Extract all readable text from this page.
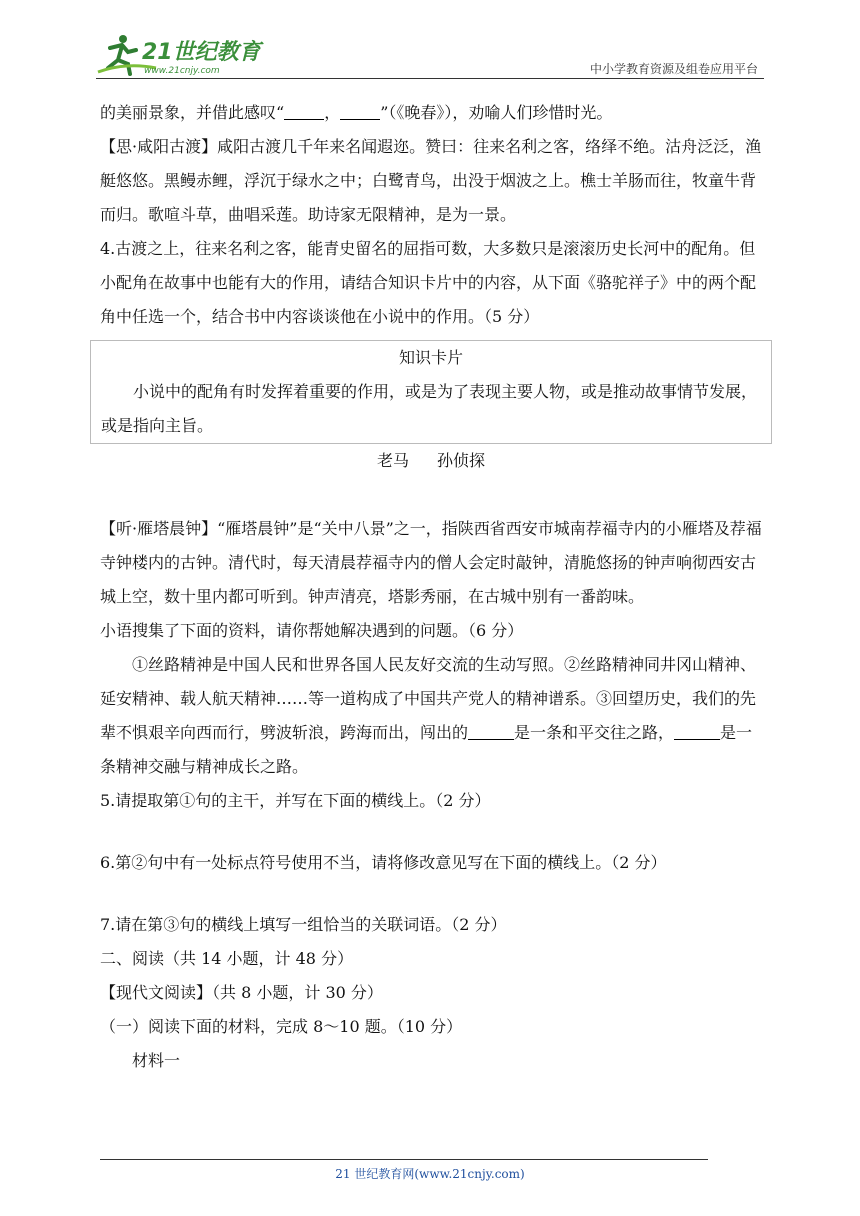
21世纪教育
www.21cnjy.com	中小学教育资源及组卷应用平台

的美丽景象，并借此感叹“	，	”（《晚春》），劝喻人们珍惜时光。

【思·咸阳古渡】咸阳古渡几千年来名闻遐迩。赞曰：往来名利之客，络绎不绝。沽舟泛泛，渔艇悠悠。黑鳗赤鲤，浮沉于绿水之中；白鹭青鸟，出没于烟波之上。樵士羊肠而往，牧童牛背而归。歌喧斗草，曲唱采莲。助诗家无限精神，是为一景。

4.古渡之上，往来名利之客，能青史留名的屈指可数，大多数只是滚滚历史长河中的配角。但小配角在故事中也能有大的作用，请结合知识卡片中的内容，从下面《骆驼祥子》中的两个配角中任选一个，结合书中内容谈谈他在小说中的作用。（5 分）

知识卡片

小说中的配角有时发挥着重要的作用，或是为了表现主要人物，或是推动故事情节发展，或是指向主旨。

老马 孙侦探

【听·雁塔晨钟】“雁塔晨钟”是“关中八景”之一，指陕西省西安市城南荐福寺内的小雁塔及荐福寺钟楼内的古钟。清代时，每天清晨荐福寺内的僧人会定时敲钟，清脆悠扬的钟声响彻西安古城上空，数十里内都可听到。钟声清亮，塔影秀丽，在古城中别有一番韵味。

小语搜集了下面的资料，请你帮她解决遇到的问题。（6 分）

①丝路精神是中国人民和世界各国人民友好交流的生动写照。②丝路精神同井冈山精神、延安精神、载人航天精神……等一道构成了中国共产党人的精神谱系。③回望历史，我们的先辈不惧艰辛向西而行，劈波斩浪，跨海而出，闯出的	是一条和平交往之路，	是一条精神交融与精神成长之路。

5.请提取第①句的主干，并写在下面的横线上。（2 分）

6.第②句中有一处标点符号使用不当，请将修改意见写在下面的横线上。（2 分）

7.请在第③句的横线上填写一组恰当的关联词语。（2 分）

二、阅读（共 14 小题，计 48 分）

【现代文阅读】（共 8 小题，计 30 分）

（一）阅读下面的材料，完成 8～10 题。（10 分）

材料一

21 世纪教育网(www.21cnjy.com)
